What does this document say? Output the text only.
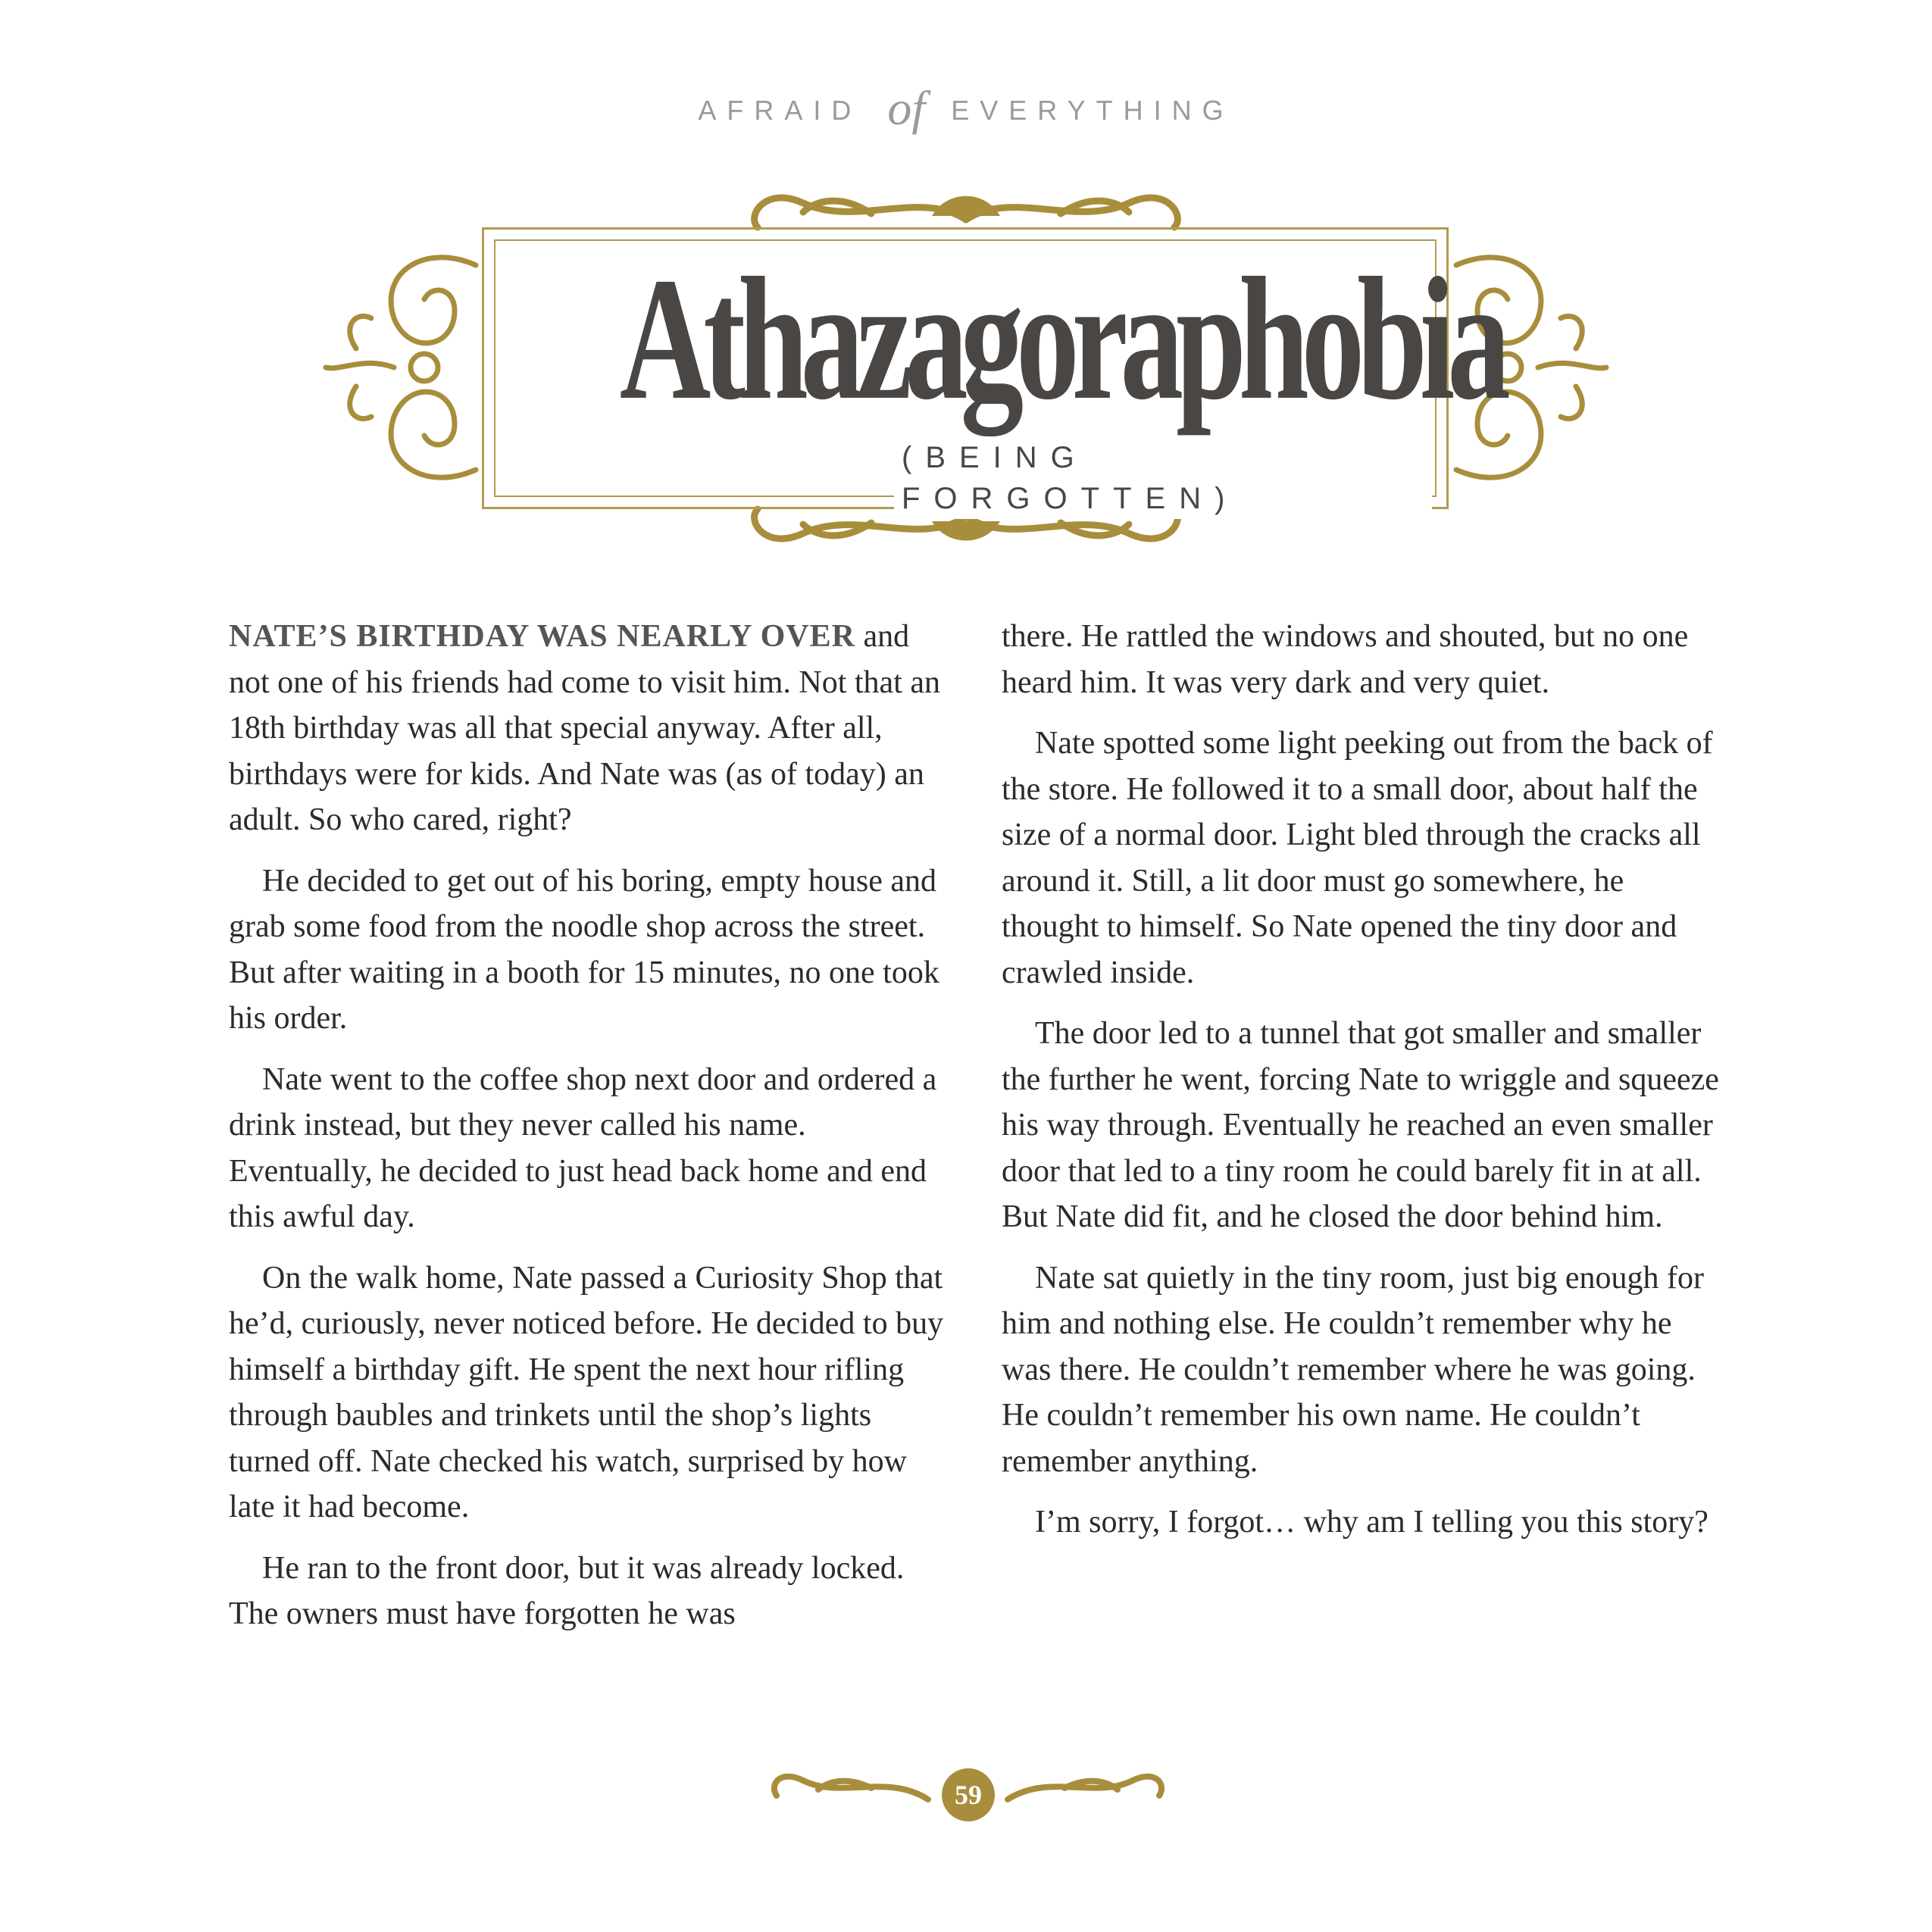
AFRAID of EVERYTHING
Athazagoraphobia
(BEING FORGOTTEN)

NATE’S BIRTHDAY WAS NEARLY OVER and not one of his friends had come to visit him. Not that an 18th birthday was all that special anyway. After all, birthdays were for kids. And Nate was (as of today) an adult. So who cared, right?

He decided to get out of his boring, empty house and grab some food from the noodle shop across the street. But after waiting in a booth for 15 minutes, no one took his order.

Nate went to the coffee shop next door and ordered a drink instead, but they never called his name. Eventually, he decided to just head back home and end this awful day.

On the walk home, Nate passed a Curiosity Shop that he’d, curiously, never noticed before. He decided to buy himself a birthday gift. He spent the next hour rifling through baubles and trinkets until the shop’s lights turned off. Nate checked his watch, surprised by how late it had become.

He ran to the front door, but it was already locked. The owners must have forgotten he was

there. He rattled the windows and shouted, but no one heard him. It was very dark and very quiet.

Nate spotted some light peeking out from the back of the store. He followed it to a small door, about half the size of a normal door. Light bled through the cracks all around it. Still, a lit door must go somewhere, he thought to himself. So Nate opened the tiny door and crawled inside.

The door led to a tunnel that got smaller and smaller the further he went, forcing Nate to wriggle and squeeze his way through. Eventually he reached an even smaller door that led to a tiny room he could barely fit in at all. But Nate did fit, and he closed the door behind him.

Nate sat quietly in the tiny room, just big enough for him and nothing else. He couldn’t remember why he was there. He couldn’t remember where he was going. He couldn’t remember his own name. He couldn’t remember anything.

I’m sorry, I forgot… why am I telling you this story?

59
